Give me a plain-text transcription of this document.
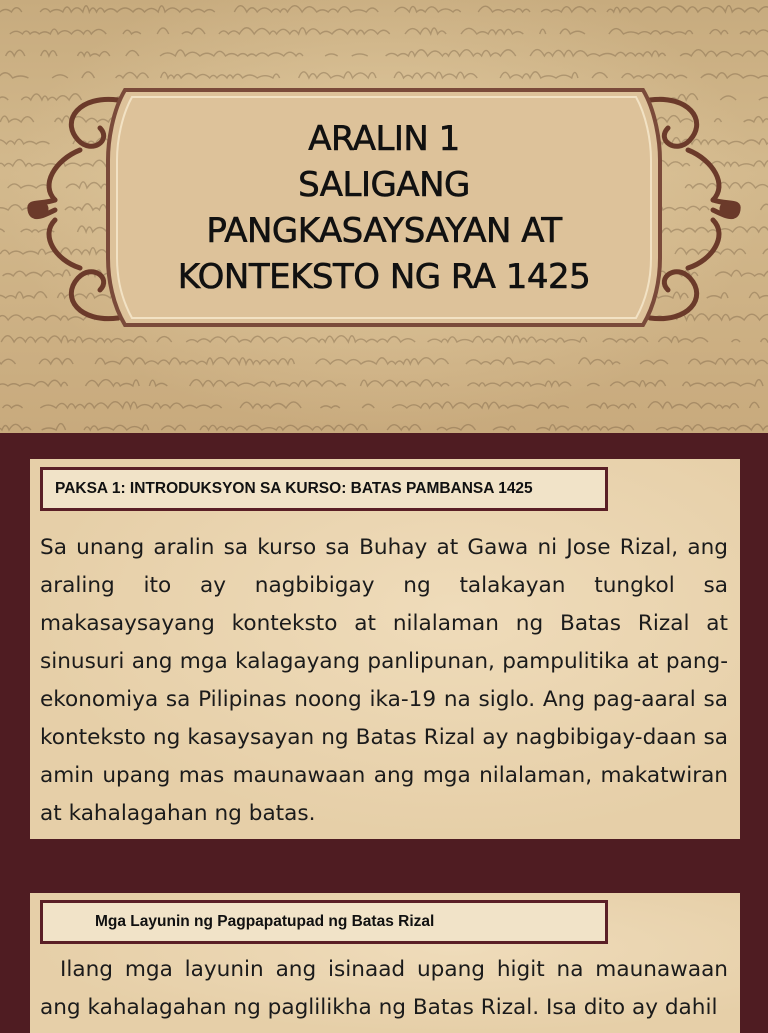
ARALIN 1
SALIGANG
PANGKASAYSAYAN AT
KONTEKSTO NG RA 1425
PAKSA 1: INTRODUKSYON SA KURSO: BATAS PAMBANSA 1425
Sa unang aralin sa kurso sa Buhay at Gawa ni Jose Rizal, ang araling ito ay nagbibigay ng talakayan tungkol sa makasaysayang konteksto at nilalaman ng Batas Rizal at sinusuri ang mga kalagayang panlipunan, pampulitika at pang-ekonomiya sa Pilipinas noong ika-19 na siglo. Ang pag-aaral sa konteksto ng kasaysayan ng Batas Rizal ay nagbibigay-daan sa amin upang mas maunawaan ang mga nilalaman, makatwiran at kahalagahan ng batas.
Mga Layunin ng Pagpapatupad ng Batas Rizal
Ilang mga layunin ang isinaad upang higit na maunawaan ang kahalagahan ng paglilikha ng Batas Rizal. Isa dito ay dahil
